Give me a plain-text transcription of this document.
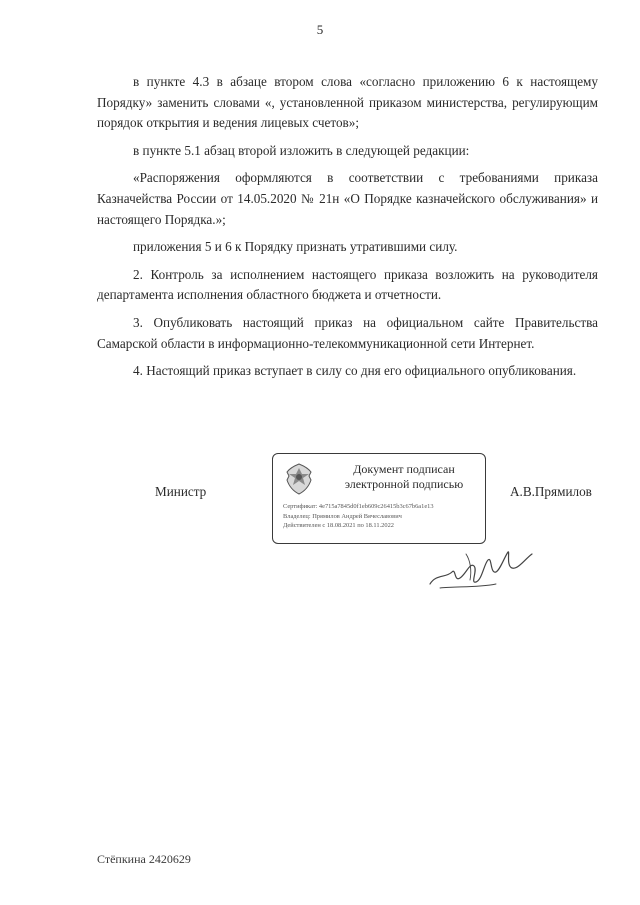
5

в пункте 4.3 в абзаце втором слова «согласно приложению 6 к настоящему Порядку» заменить словами «, установленной приказом министерства, регулирующим порядок открытия и ведения лицевых счетов»;

в пункте 5.1 абзац второй изложить в следующей редакции:

«Распоряжения оформляются в соответствии с требованиями приказа Казначейства России от 14.05.2020 № 21н «О Порядке казначейского обслуживания» и настоящего Порядка.»;

приложения 5 и 6 к Порядку признать утратившими силу.

2. Контроль за исполнением настоящего приказа возложить на руководителя департамента исполнения областного бюджета и отчетности.

3. Опубликовать настоящий приказ на официальном сайте Правительства Самарской области в информационно-телекоммуникационной сети Интернет.

4. Настоящий приказ вступает в силу со дня его официального опубликования.

Министр
Документ подписан
электронной подписью
Сертификат: 4e715a7845d0f1eb609c26415b3c67b6a1e13
Владелец: Прямилов Андрей Вячеславович
Действителен с 18.08.2021 по 18.11.2022
А.В.Прямилов
Стёпкина 2420629
